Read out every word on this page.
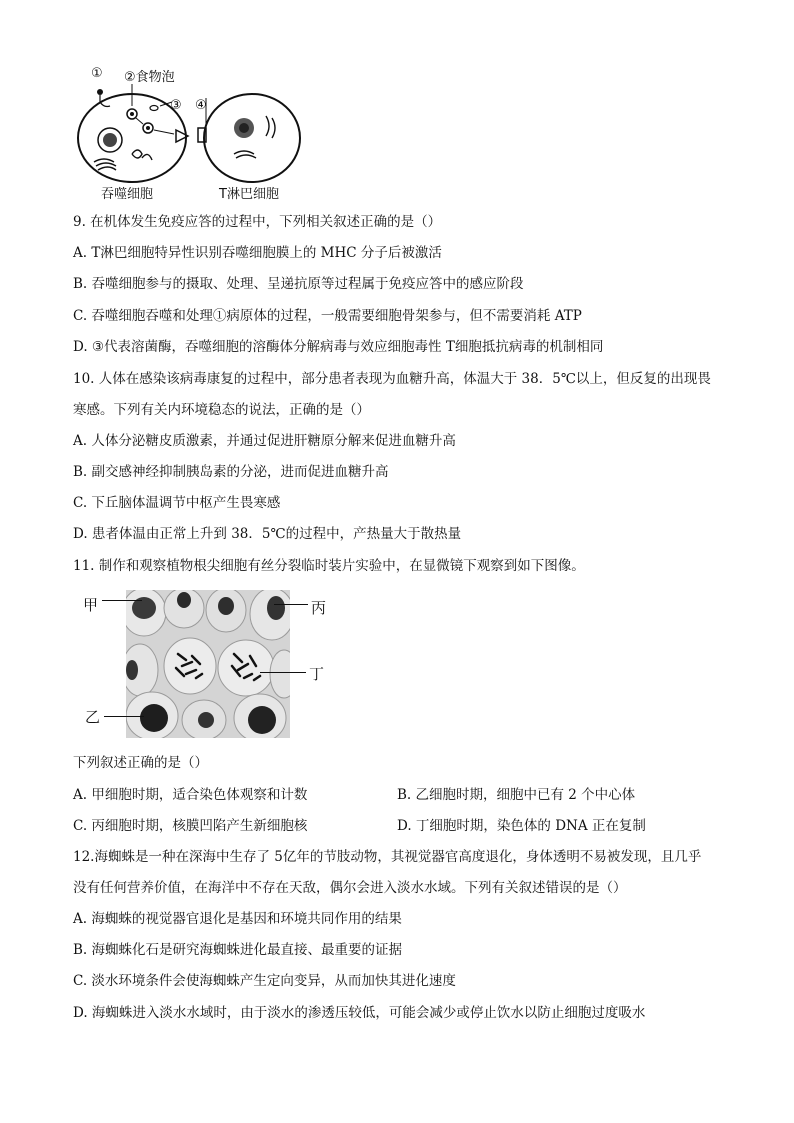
① ②食物泡
③ ④
吞噬细胞	T淋巴细胞
9. 在机体发生免疫应答的过程中，下列相关叙述正确的是（）
A. T淋巴细胞特异性识别吞噬细胞膜上的 MHC 分子后被激活
B. 吞噬细胞参与的摄取、处理、呈递抗原等过程属于免疫应答中的感应阶段
C. 吞噬细胞吞噬和处理①病原体的过程，一般需要细胞骨架参与，但不需要消耗 ATP
D. ③代表溶菌酶，吞噬细胞的溶酶体分解病毒与效应细胞毒性 T细胞抵抗病毒的机制相同
10. 人体在感染该病毒康复的过程中，部分患者表现为血糖升高，体温大于 38．5℃以上，但反复的出现畏
寒感。下列有关内环境稳态的说法，正确的是（）
A. 人体分泌糖皮质激素，并通过促进肝糖原分解来促进血糖升高
B. 副交感神经抑制胰岛素的分泌，进而促进血糖升高
C. 下丘脑体温调节中枢产生畏寒感
D. 患者体温由正常上升到 38．5℃的过程中，产热量大于散热量
11. 制作和观察植物根尖细胞有丝分裂临时装片实验中，在显微镜下观察到如下图像。
甲	丙
丁
乙
下列叙述正确的是（）
A. 甲细胞时期，适合染色体观察和计数	B. 乙细胞时期，细胞中已有 2 个中心体
C. 丙细胞时期，核膜凹陷产生新细胞核	D. 丁细胞时期，染色体的 DNA 正在复制
12.海蜘蛛是一种在深海中生存了 5亿年的节肢动物，其视觉器官高度退化，身体透明不易被发现，且几乎
没有任何营养价值，在海洋中不存在天敌，偶尔会进入淡水水域。下列有关叙述错误的是（）
A. 海蜘蛛的视觉器官退化是基因和环境共同作用的结果
B. 海蜘蛛化石是研究海蜘蛛进化最直接、最重要的证据
C. 淡水环境条件会使海蜘蛛产生定向变异，从而加快其进化速度
D. 海蜘蛛进入淡水水域时，由于淡水的渗透压较低，可能会减少或停止饮水以防止细胞过度吸水
